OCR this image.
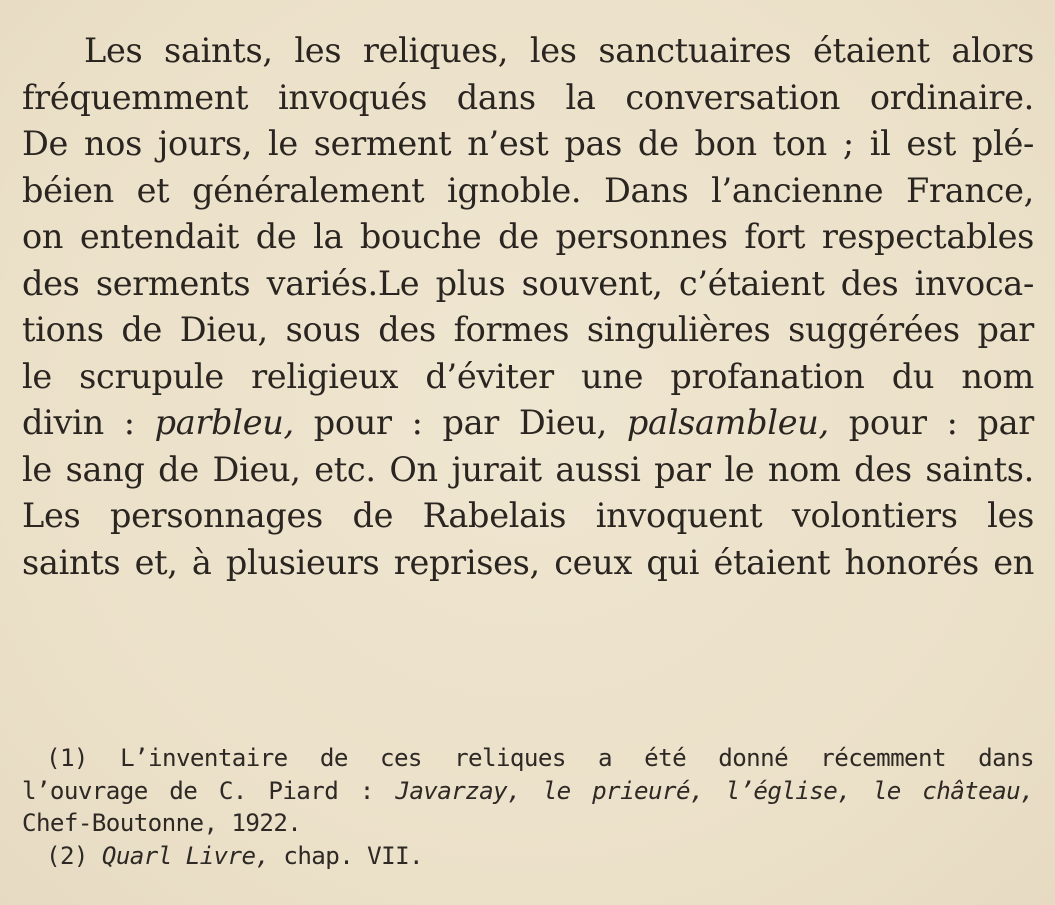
Les saints, les reliques, les sanctuaires étaient alors
fréquemment invoqués dans la conversation ordinaire.
De nos jours, le serment n’est pas de bon ton ; il est plé-
béien et généralement ignoble. Dans l’ancienne France,
on entendait de la bouche de personnes fort respectables
des serments variés.Le plus souvent, c’étaient des invoca-
tions de Dieu, sous des formes singulières suggérées par
le scrupule religieux d’éviter une profanation du nom
divin : parbleu, pour : par Dieu, palsambleu, pour : par
le sang de Dieu, etc. On jurait aussi par le nom des saints.
Les personnages de Rabelais invoquent volontiers les
saints et, à plusieurs reprises, ceux qui étaient honorés en
(1) L’inventaire de ces reliques a été donné récemment dans
l’ouvrage de C. Piard : Javarzay, le prieuré, l’église, le château,
Chef-Boutonne, 1922.
(2) Quarl Livre, chap. VII.
